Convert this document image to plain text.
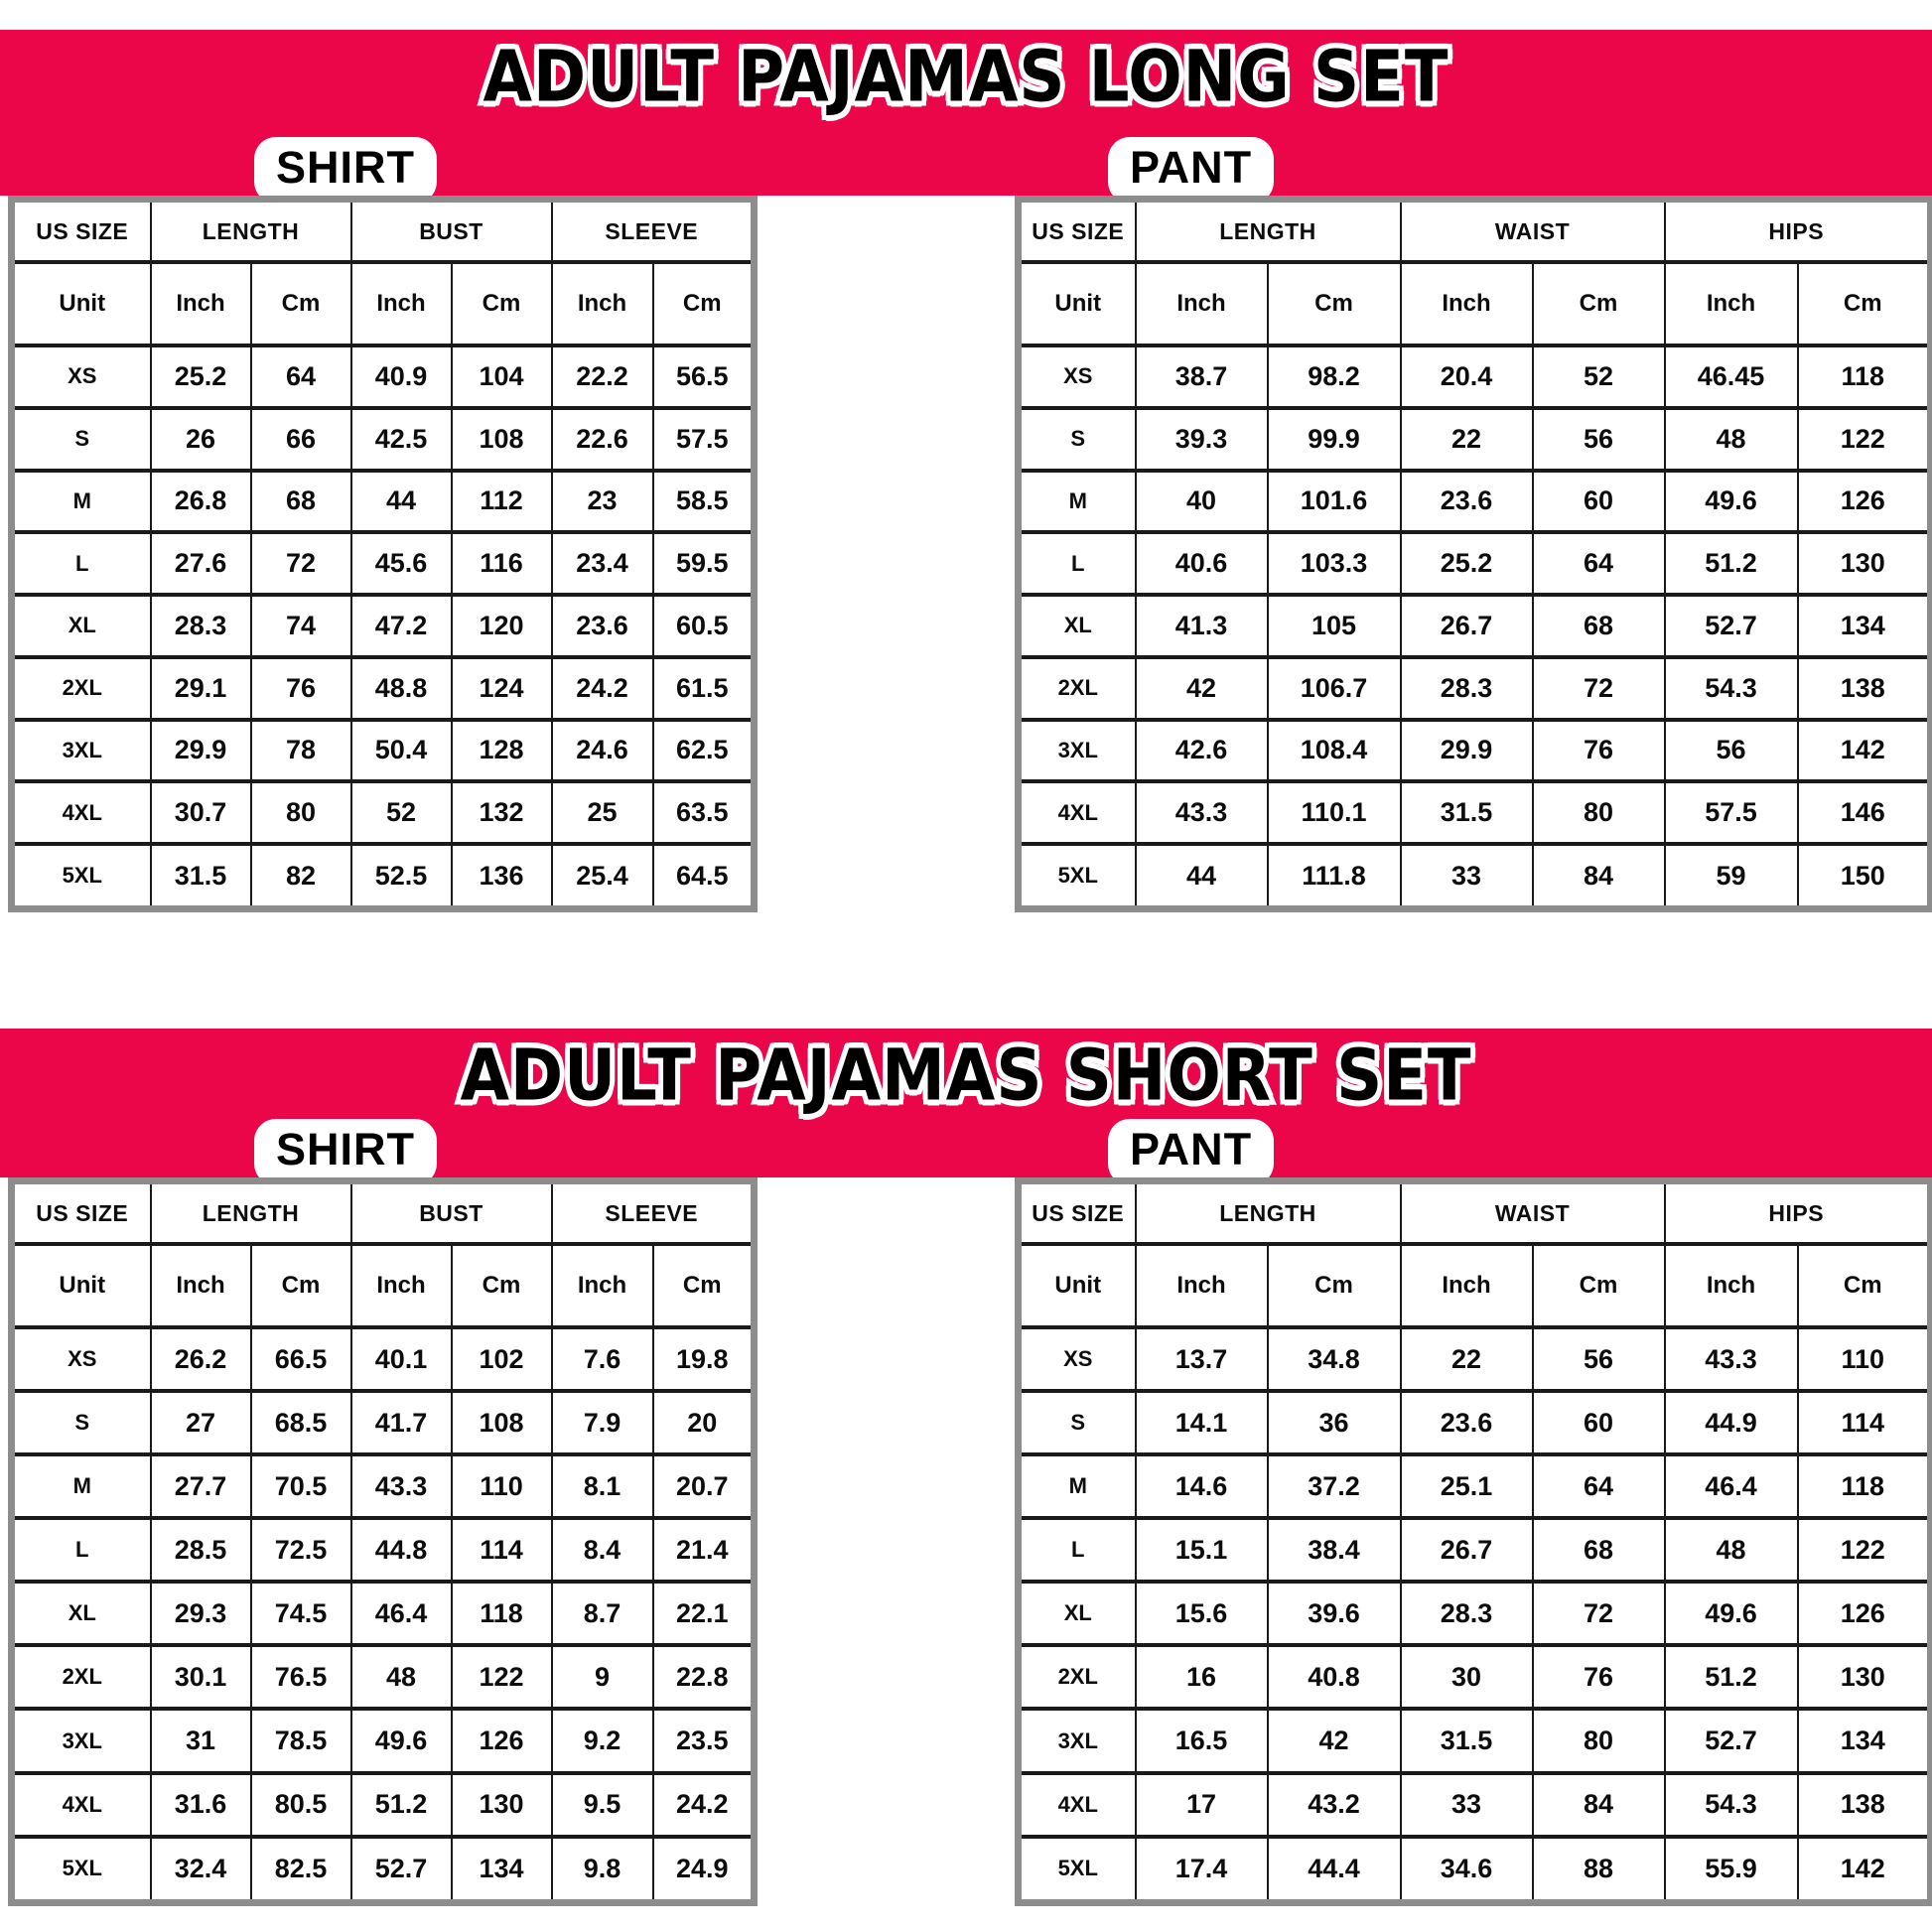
ADULT PAJAMAS LONG SET
SHIRT	PANT
US SIZE	LENGTH		BUST		SLEEVE	
Unit	Inch	Cm	Inch	Cm	Inch	Cm
XS	25.2	64	40.9	104	22.2	56.5
S	26	66	42.5	108	22.6	57.5
M	26.8	68	44	112	23	58.5
L	27.6	72	45.6	116	23.4	59.5
XL	28.3	74	47.2	120	23.6	60.5
2XL	29.1	76	48.8	124	24.2	61.5
3XL	29.9	78	50.4	128	24.6	62.5
4XL	30.7	80	52	132	25	63.5
5XL	31.5	82	52.5	136	25.4	64.5
US SIZE	LENGTH		WAIST		HIPS	
Unit	Inch	Cm	Inch	Cm	Inch	Cm
XS	38.7	98.2	20.4	52	46.45	118
S	39.3	99.9	22	56	48	122
M	40	101.6	23.6	60	49.6	126
L	40.6	103.3	25.2	64	51.2	130
XL	41.3	105	26.7	68	52.7	134
2XL	42	106.7	28.3	72	54.3	138
3XL	42.6	108.4	29.9	76	56	142
4XL	43.3	110.1	31.5	80	57.5	146
5XL	44	111.8	33	84	59	150
ADULT PAJAMAS SHORT SET
SHIRT	PANT
US SIZE	LENGTH		BUST		SLEEVE	
Unit	Inch	Cm	Inch	Cm	Inch	Cm
XS	26.2	66.5	40.1	102	7.6	19.8
S	27	68.5	41.7	108	7.9	20
M	27.7	70.5	43.3	110	8.1	20.7
L	28.5	72.5	44.8	114	8.4	21.4
XL	29.3	74.5	46.4	118	8.7	22.1
2XL	30.1	76.5	48	122	9	22.8
3XL	31	78.5	49.6	126	9.2	23.5
4XL	31.6	80.5	51.2	130	9.5	24.2
5XL	32.4	82.5	52.7	134	9.8	24.9
US SIZE	LENGTH		WAIST		HIPS	
Unit	Inch	Cm	Inch	Cm	Inch	Cm
XS	13.7	34.8	22	56	43.3	110
S	14.1	36	23.6	60	44.9	114
M	14.6	37.2	25.1	64	46.4	118
L	15.1	38.4	26.7	68	48	122
XL	15.6	39.6	28.3	72	49.6	126
2XL	16	40.8	30	76	51.2	130
3XL	16.5	42	31.5	80	52.7	134
4XL	17	43.2	33	84	54.3	138
5XL	17.4	44.4	34.6	88	55.9	142
